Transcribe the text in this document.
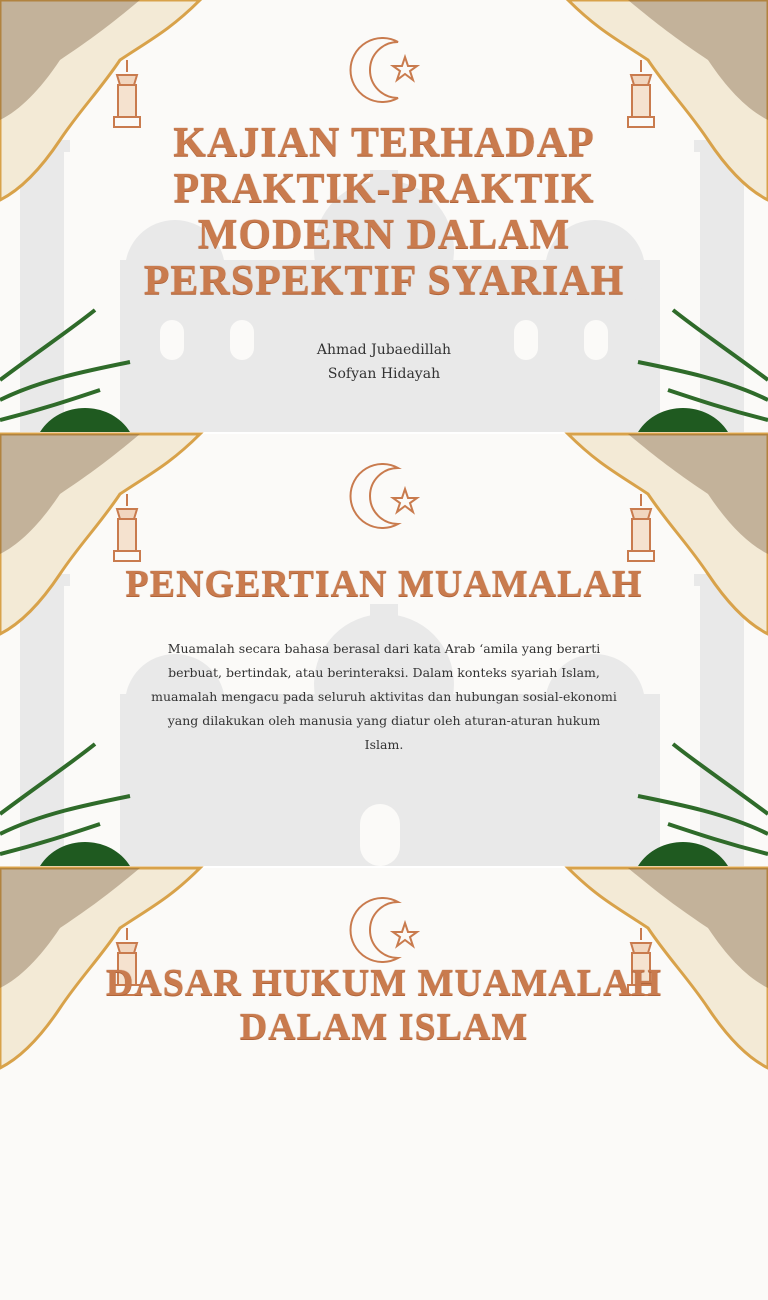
KAJIAN TERHADAP
PRAKTIK-PRAKTIK
MODERN DALAM
PERSPEKTIF SYARIAH
Ahmad Jubaedillah
Sofyan Hidayah
PENGERTIAN MUAMALAH
Muamalah secara bahasa berasal dari kata Arab ‘amila yang berarti berbuat, bertindak, atau berinteraksi. Dalam konteks syariah Islam, muamalah mengacu pada seluruh aktivitas dan hubungan sosial-ekonomi yang dilakukan oleh manusia yang diatur oleh aturan-aturan hukum Islam.
DASAR HUKUM MUAMALAH
DALAM ISLAM
